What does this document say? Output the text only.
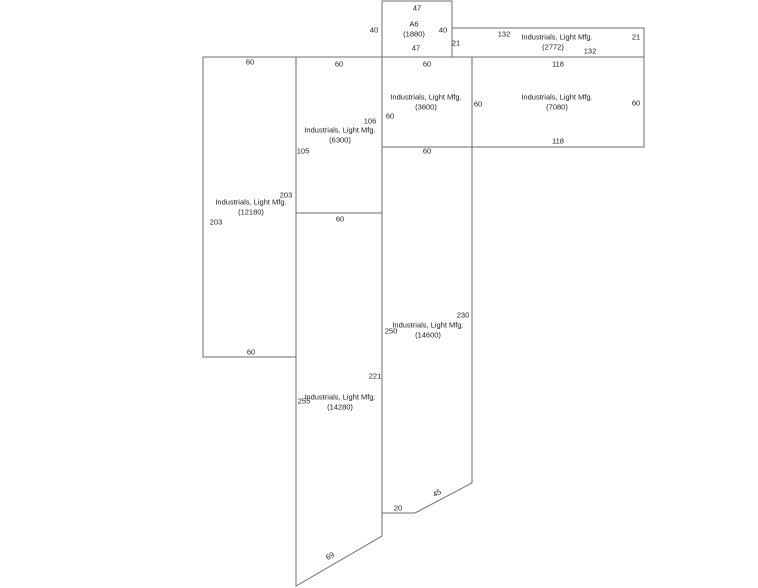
47
A6
(1880)
40	40
47
132 Industrials, Light Mfg.
(2772)
21
21
132
60
Industrials, Light Mfg.
(3600)
60
118
60
Industrials, Light Mfg.
(7080)	60
118
60
106
Industrials, Light Mfg.
(6300)
105
60
203
Industrials, Light Mfg.
(12180)
203
60
60
230
Industrials, Light Mfg.
(14600)
250
45
20
60
221
Industrials, Light Mfg.
(14280)
255
69
